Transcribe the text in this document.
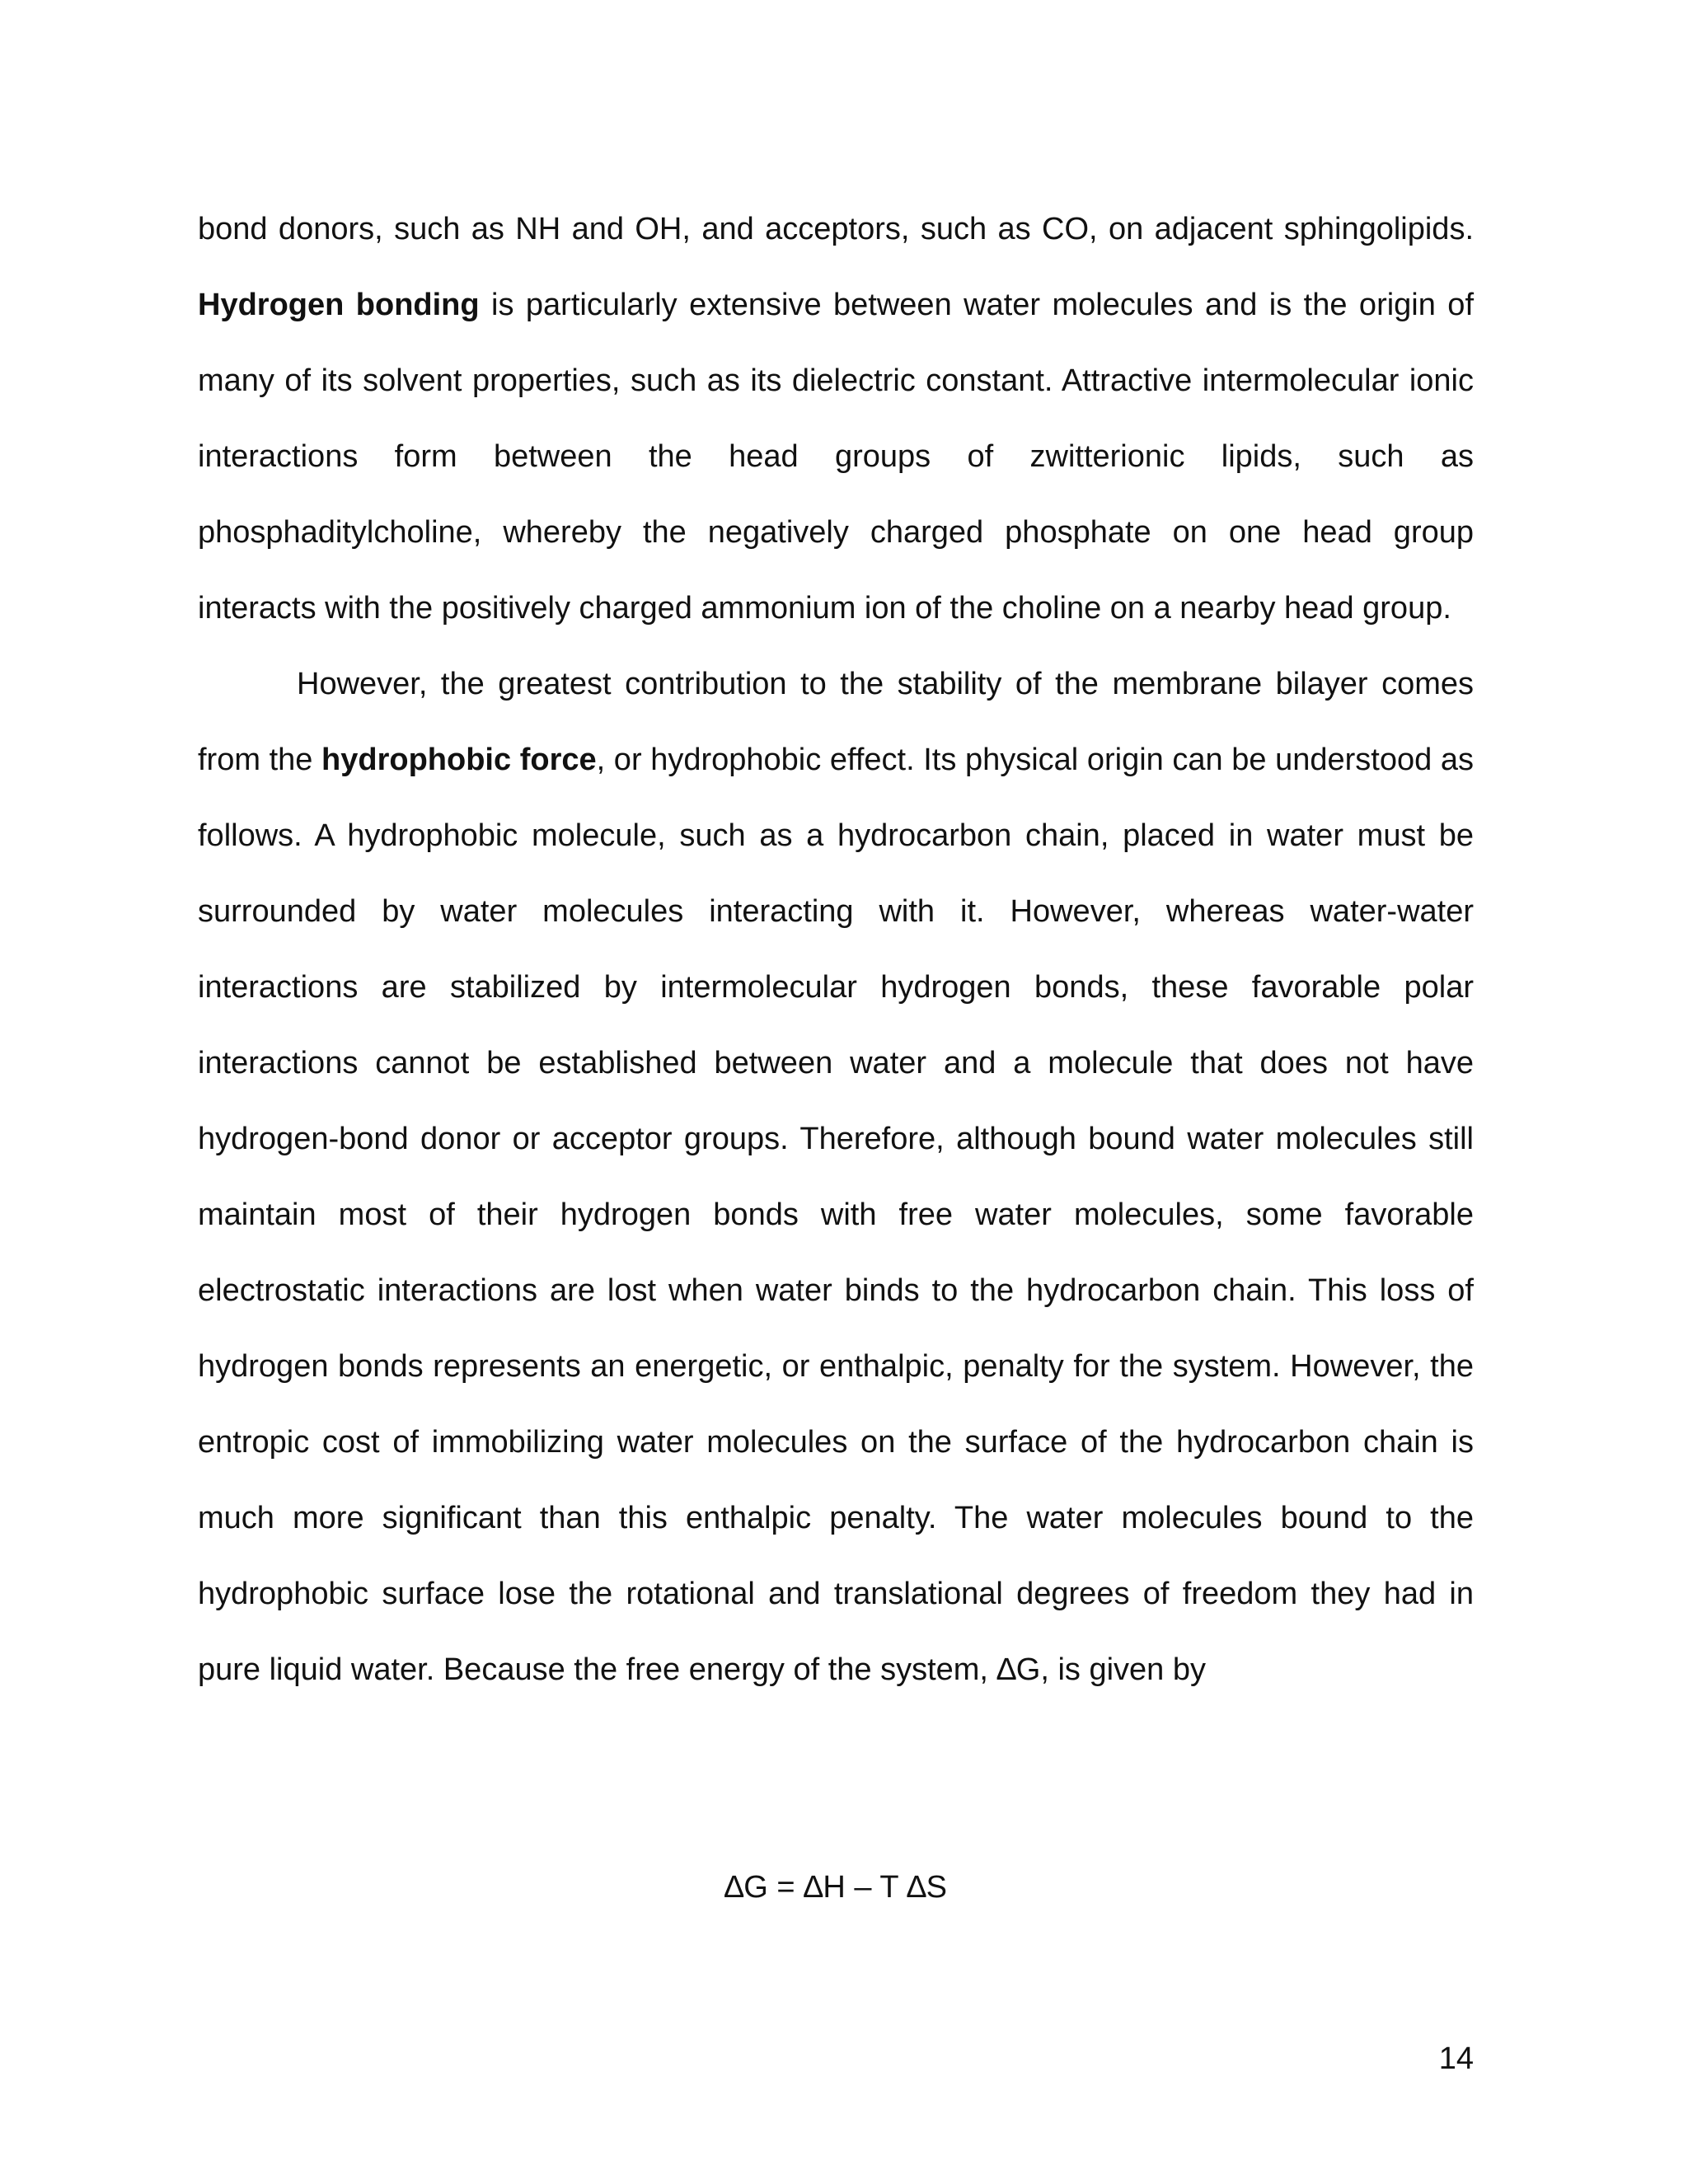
bond donors, such as NH and OH, and acceptors, such as CO, on adjacent sphingolipids. Hydrogen bonding is particularly extensive between water molecules and is the origin of many of its solvent properties, such as its dielectric constant. Attractive intermolecular ionic interactions form between the head groups of zwitterionic lipids, such as phosphaditylcholine, whereby the negatively charged phosphate on one head group interacts with the positively charged ammonium ion of the choline on a nearby head group.

However, the greatest contribution to the stability of the membrane bilayer comes from the hydrophobic force, or hydrophobic effect. Its physical origin can be understood as follows. A hydrophobic molecule, such as a hydrocarbon chain, placed in water must be surrounded by water molecules interacting with it. However, whereas water-water interactions are stabilized by intermolecular hydrogen bonds, these favorable polar interactions cannot be established between water and a molecule that does not have hydrogen-bond donor or acceptor groups. Therefore, although bound water molecules still maintain most of their hydrogen bonds with free water molecules, some favorable electrostatic interactions are lost when water binds to the hydrocarbon chain. This loss of hydrogen bonds represents an energetic, or enthalpic, penalty for the system. However, the entropic cost of immobilizing water molecules on the surface of the hydrocarbon chain is much more significant than this enthalpic penalty. The water molecules bound to the hydrophobic surface lose the rotational and translational degrees of freedom they had in pure liquid water. Because the free energy of the system, ∆G, is given by

∆G = ∆H – T ∆S
14
